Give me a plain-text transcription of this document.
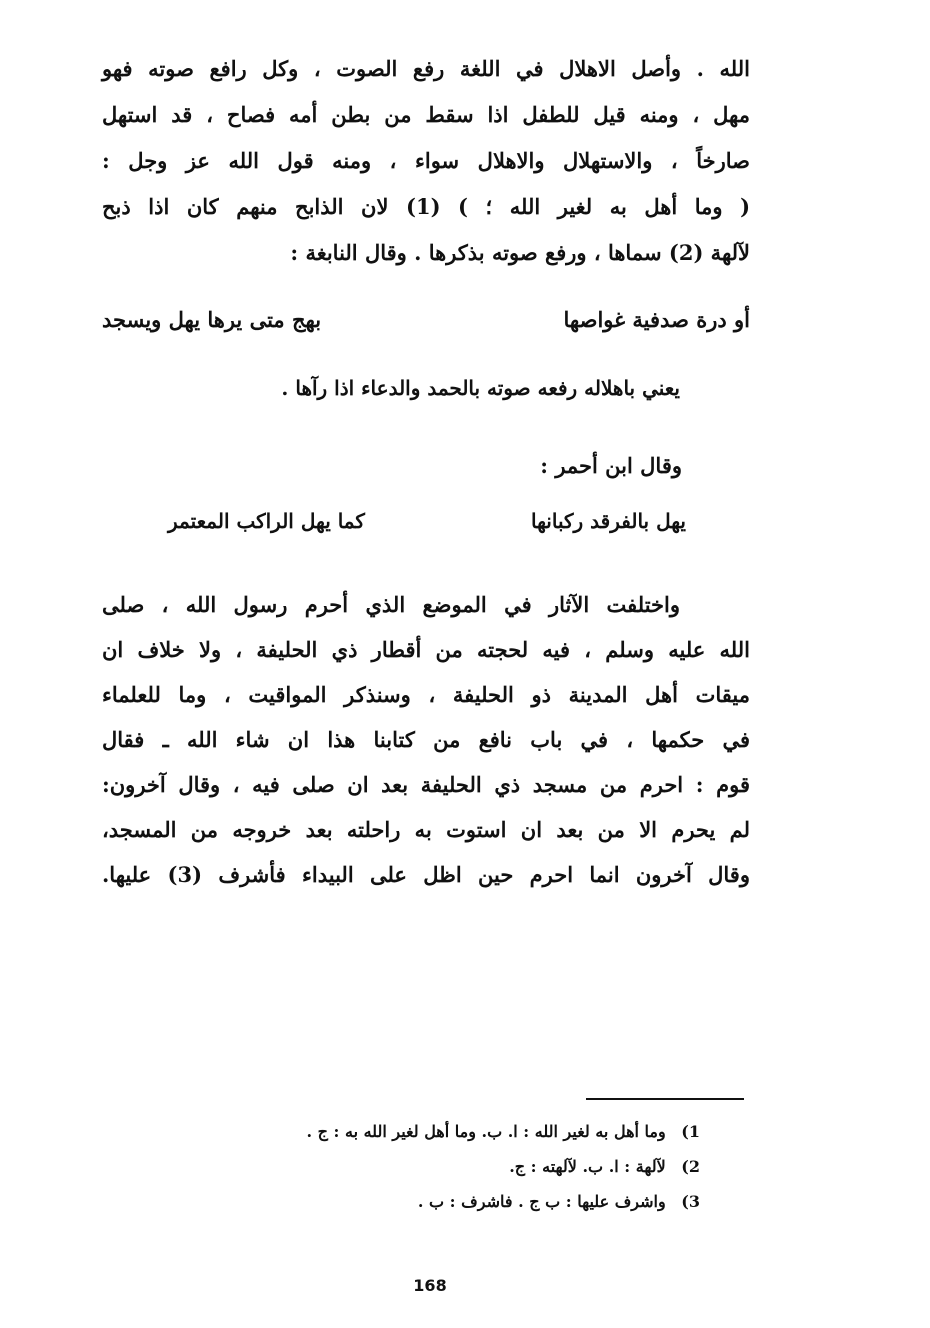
الله . وأصل الاهلال في اللغة رفع الصوت ، وكل رافع صوته فهو
مهل ، ومنه قيل للطفل اذا سقط من بطن أمه فصاح ، قد استهل
صارخاً ، والاستهلال والاهلال سواء ، ومنه قول الله عز وجل :
( وما أهل به لغير الله ؛ ) (1) لان الذابح منهم كان اذا ذبح
لآلهة (2) سماها ، ورفع صوته بذكرها . وقال النابغة :
أو درة صدفية غواصها
بهج متى يرها يهل ويسجد
يعني باهلاله رفعه صوته بالحمد والدعاء اذا رآها .
وقال ابن أحمر :
يهل بالفرقد ركبانها
كما يهل الراكب المعتمر
واختلفت الآثار في الموضع الذي أحرم رسول الله ، صلى
الله عليه وسلم ، فيه لحجته من أقطار ذي الحليفة ، ولا خلاف ان
ميقات أهل المدينة ذو الحليفة ، وسنذكر المواقيت ، وما للعلماء
في حكمها ، في باب نافع من كتابنا هذا ان شاء الله ـ فقال
قوم : احرم من مسجد ذي الحليفة بعد ان صلى فيه ، وقال آخرون:
لم يحرم الا من بعد ان استوت به راحلته بعد خروجه من المسجد،
وقال آخرون انما احرم حين اظل على البيداء فأشرف (3) عليها.
1) وما أهل به لغير الله : ا. ب. وما أهل لغير الله به : ج .
2) لآلهة : ا. ب. لآلهته : ج.
3) واشرف عليها : ب ج . فاشرف : ب .
168
